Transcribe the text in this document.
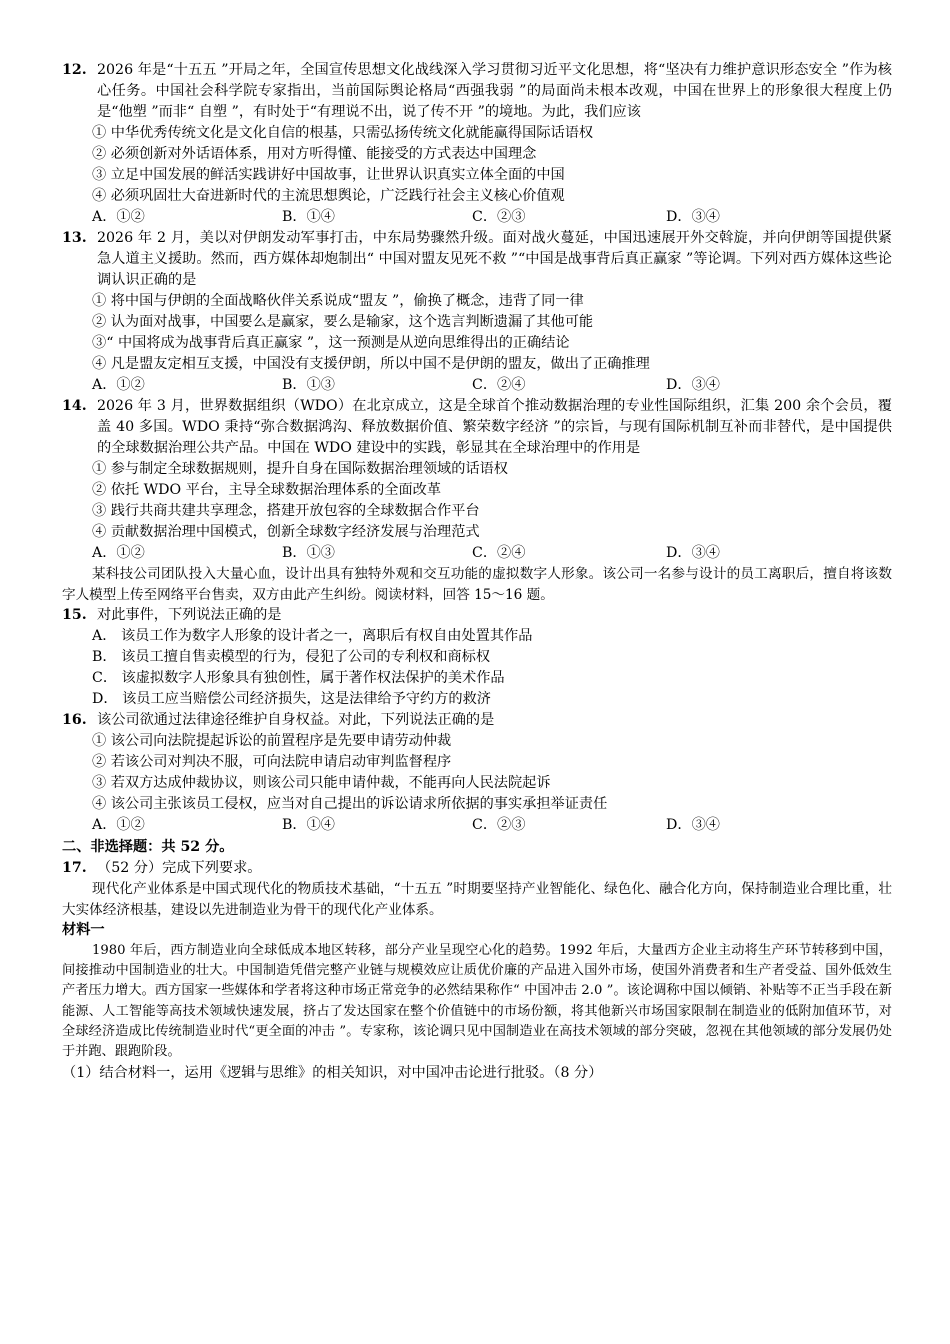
12. 2026 年是“十五五 ”开局之年，全国宣传思想文化战线深入学习贯彻习近平文化思想，将“坚决有力维护意识形态安全 ”作为核心任务。中国社会科学院专家指出，当前国际舆论格局“西强我弱 ”的局面尚未根本改观，中国在世界上的形象很大程度上仍是“他塑 ”而非“ 自塑 ”，有时处于“有理说不出，说了传不开 ”的境地。为此，我们应该
① 中华优秀传统文化是文化自信的根基，只需弘扬传统文化就能赢得国际话语权
② 必须创新对外话语体系，用对方听得懂、能接受的方式表达中国理念
③ 立足中国发展的鲜活实践讲好中国故事，让世界认识真实立体全面的中国
④ 必须巩固壮大奋进新时代的主流思想舆论，广泛践行社会主义核心价值观
A．①②	B．①④	C．②③	D．③④
13. 2026 年 2 月，美以对伊朗发动军事打击，中东局势骤然升级。面对战火蔓延，中国迅速展开外交斡旋，并向伊朗等国提供紧急人道主义援助。然而，西方媒体却炮制出“ 中国对盟友见死不救 ”“中国是战事背后真正赢家 ”等论调。下列对西方媒体这些论调认识正确的是
① 将中国与伊朗的全面战略伙伴关系说成“盟友 ”，偷换了概念，违背了同一律
② 认为面对战事，中国要么是赢家，要么是输家，这个选言判断遗漏了其他可能
③“ 中国将成为战事背后真正赢家 ”，这一预测是从逆向思维得出的正确结论
④ 凡是盟友定相互支援，中国没有支援伊朗，所以中国不是伊朗的盟友，做出了正确推理
A．①②	B．①③	C．②④	D．③④
14. 2026 年 3 月，世界数据组织（WDO）在北京成立，这是全球首个推动数据治理的专业性国际组织，汇集 200 余个会员，覆盖 40 多国。WDO 秉持“弥合数据鸿沟、释放数据价值、繁荣数字经济 ”的宗旨，与现有国际机制互补而非替代，是中国提供的全球数据治理公共产品。中国在 WDO 建设中的实践，彰显其在全球治理中的作用是
① 参与制定全球数据规则，提升自身在国际数据治理领域的话语权
② 依托 WDO 平台，主导全球数据治理体系的全面改革
③ 践行共商共建共享理念，搭建开放包容的全球数据合作平台
④ 贡献数据治理中国模式，创新全球数字经济发展与治理范式
A．①②	B．①③	C．②④	D．③④
某科技公司团队投入大量心血，设计出具有独特外观和交互功能的虚拟数字人形象。该公司一名参与设计的员工离职后，擅自将该数字人模型上传至网络平台售卖，双方由此产生纠纷。阅读材料，回答 15～16 题。
15. 对此事件，下列说法正确的是
A． 该员工作为数字人形象的设计者之一，离职后有权自由处置其作品
B． 该员工擅自售卖模型的行为，侵犯了公司的专利权和商标权
C． 该虚拟数字人形象具有独创性，属于著作权法保护的美术作品
D． 该员工应当赔偿公司经济损失，这是法律给予守约方的救济
16. 该公司欲通过法律途径维护自身权益。对此，下列说法正确的是
① 该公司向法院提起诉讼的前置程序是先要申请劳动仲裁
② 若该公司对判决不服，可向法院申请启动审判监督程序
③ 若双方达成仲裁协议，则该公司只能申请仲裁，不能再向人民法院起诉
④ 该公司主张该员工侵权，应当对自己提出的诉讼请求所依据的事实承担举证责任
A．①②	B．①④	C．②③	D．③④
二、非选择题：共 52 分。
17. （52 分）完成下列要求。
现代化产业体系是中国式现代化的物质技术基础，“十五五 ”时期要坚持产业智能化、绿色化、融合化方向，保持制造业合理比重，壮大实体经济根基，建设以先进制造业为骨干的现代化产业体系。
材料一
1980 年后，西方制造业向全球低成本地区转移，部分产业呈现空心化的趋势。1992 年后，大量西方企业主动将生产环节转移到中国，间接推动中国制造业的壮大。中国制造凭借完整产业链与规模效应让质优价廉的产品进入国外市场，使国外消费者和生产者受益、国外低效生产者压力增大。西方国家一些媒体和学者将这种市场正常竞争的必然结果称作“ 中国冲击 2.0 ”。该论调称中国以倾销、补贴等不正当手段在新能源、人工智能等高技术领域快速发展，挤占了发达国家在整个价值链中的市场份额，将其他新兴市场国家限制在制造业的低附加值环节，对全球经济造成比传统制造业时代“更全面的冲击 ”。专家称，该论调只见中国制造业在高技术领域的部分突破，忽视在其他领域的部分发展仍处于并跑、跟跑阶段。
（1）结合材料一，运用《逻辑与思维》的相关知识，对中国冲击论进行批驳。（8 分）
